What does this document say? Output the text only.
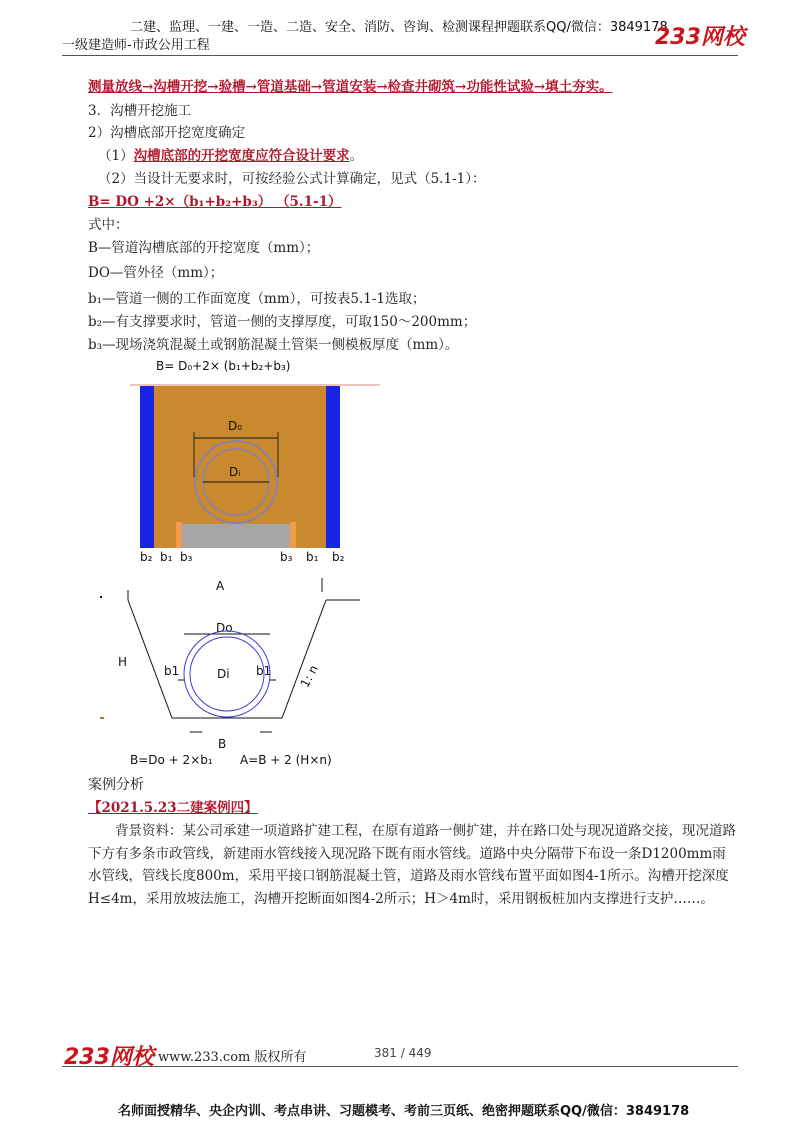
二建、监理、一建、一造、二造、安全、消防、咨询、检测课程押题联系QQ/微信：3849178
一级建造师-市政公用工程	233网校
测量放线→沟槽开挖→验槽→管道基础→管道安装→检查井砌筑→功能性试验→填土夯实。
3．沟槽开挖施工
2）沟槽底部开挖宽度确定
（1）沟槽底部的开挖宽度应符合设计要求。
（2）当设计无要求时，可按经验公式计算确定，见式（5.1-1）：
B= DO +2×（b₁+b₂+b₃） （5.1-1）
式中：
B—管道沟槽底部的开挖宽度（mm）；
DO—管外径（mm）；
b₁—管道一侧的工作面宽度（mm），可按表5.1-1选取；
b₂—有支撑要求时，管道一侧的支撑厚度，可取150～200mm；
b₃—现场浇筑混凝土或钢筋混凝土管渠一侧模板厚度（mm）。
B= D₀+2× (b₁+b₂+b₃)
D₀
Dᵢ
b₂ b₁ b₃	b₃ b₁ b₂
A
H
Do
Di
b1	b1 1: n
B
B=Do + 2×b₁ A=B + 2 (H×n)
案例分析
【2021.5.23二建案例四】
背景资料：某公司承建一项道路扩建工程，在原有道路一侧扩建，并在路口处与现况道路交接，现况道路下方有多条市政管线，新建雨水管线接入现况路下既有雨水管线。道路中央分隔带下布设一条D1200mm雨水管线，管线长度800m，采用平接口钢筋混凝土管，道路及雨水管线布置平面如图4-1所示。沟槽开挖深度H≤4m，采用放坡法施工，沟槽开挖断面如图4-2所示；H＞4m时，采用钢板桩加内支撑进行支护……。
233网校 www.233.com 版权所有	381 / 449
名师面授精华、央企内训、考点串讲、习题模考、考前三页纸、绝密押题联系QQ/微信：3849178
